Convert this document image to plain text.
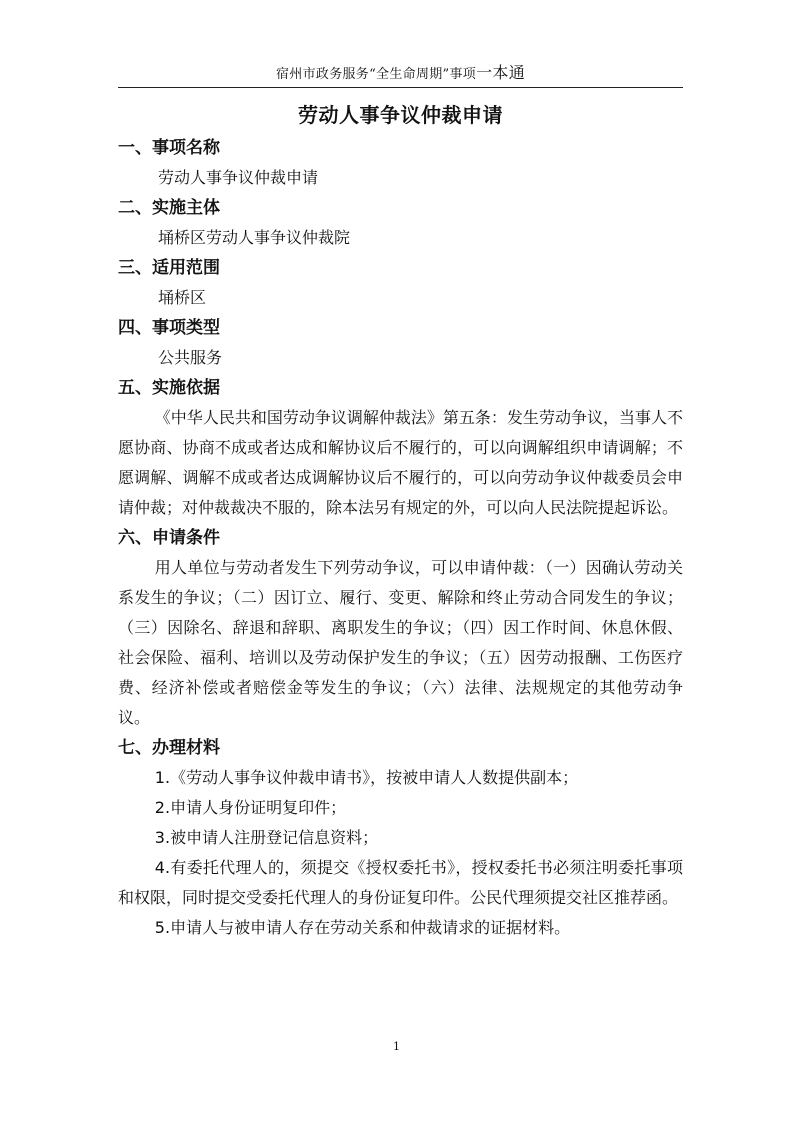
宿州市政务服务“全生命周期”事项一本通

劳动人事争议仲裁申请

一、事项名称

劳动人事争议仲裁申请

二、实施主体

埇桥区劳动人事争议仲裁院

三、适用范围

埇桥区

四、事项类型

公共服务

五、实施依据

《中华人民共和国劳动争议调解仲裁法》第五条：发生劳动争议，当事人不愿协商、协商不成或者达成和解协议后不履行的，可以向调解组织申请调解；不愿调解、调解不成或者达成调解协议后不履行的，可以向劳动争议仲裁委员会申请仲裁；对仲裁裁决不服的，除本法另有规定的外，可以向人民法院提起诉讼。

六、申请条件

用人单位与劳动者发生下列劳动争议，可以申请仲裁：（一）因确认劳动关系发生的争议；（二）因订立、履行、变更、解除和终止劳动合同发生的争议；（三）因除名、辞退和辞职、离职发生的争议；（四）因工作时间、休息休假、社会保险、福利、培训以及劳动保护发生的争议；（五）因劳动报酬、工伤医疗费、经济补偿或者赔偿金等发生的争议；（六）法律、法规规定的其他劳动争议。

七、办理材料

1.《劳动人事争议仲裁申请书》，按被申请人人数提供副本；

2.申请人身份证明复印件；

3.被申请人注册登记信息资料；

4.有委托代理人的，须提交《授权委托书》，授权委托书必须注明委托事项和权限，同时提交受委托代理人的身份证复印件。公民代理须提交社区推荐函。

5.申请人与被申请人存在劳动关系和仲裁请求的证据材料。

1
